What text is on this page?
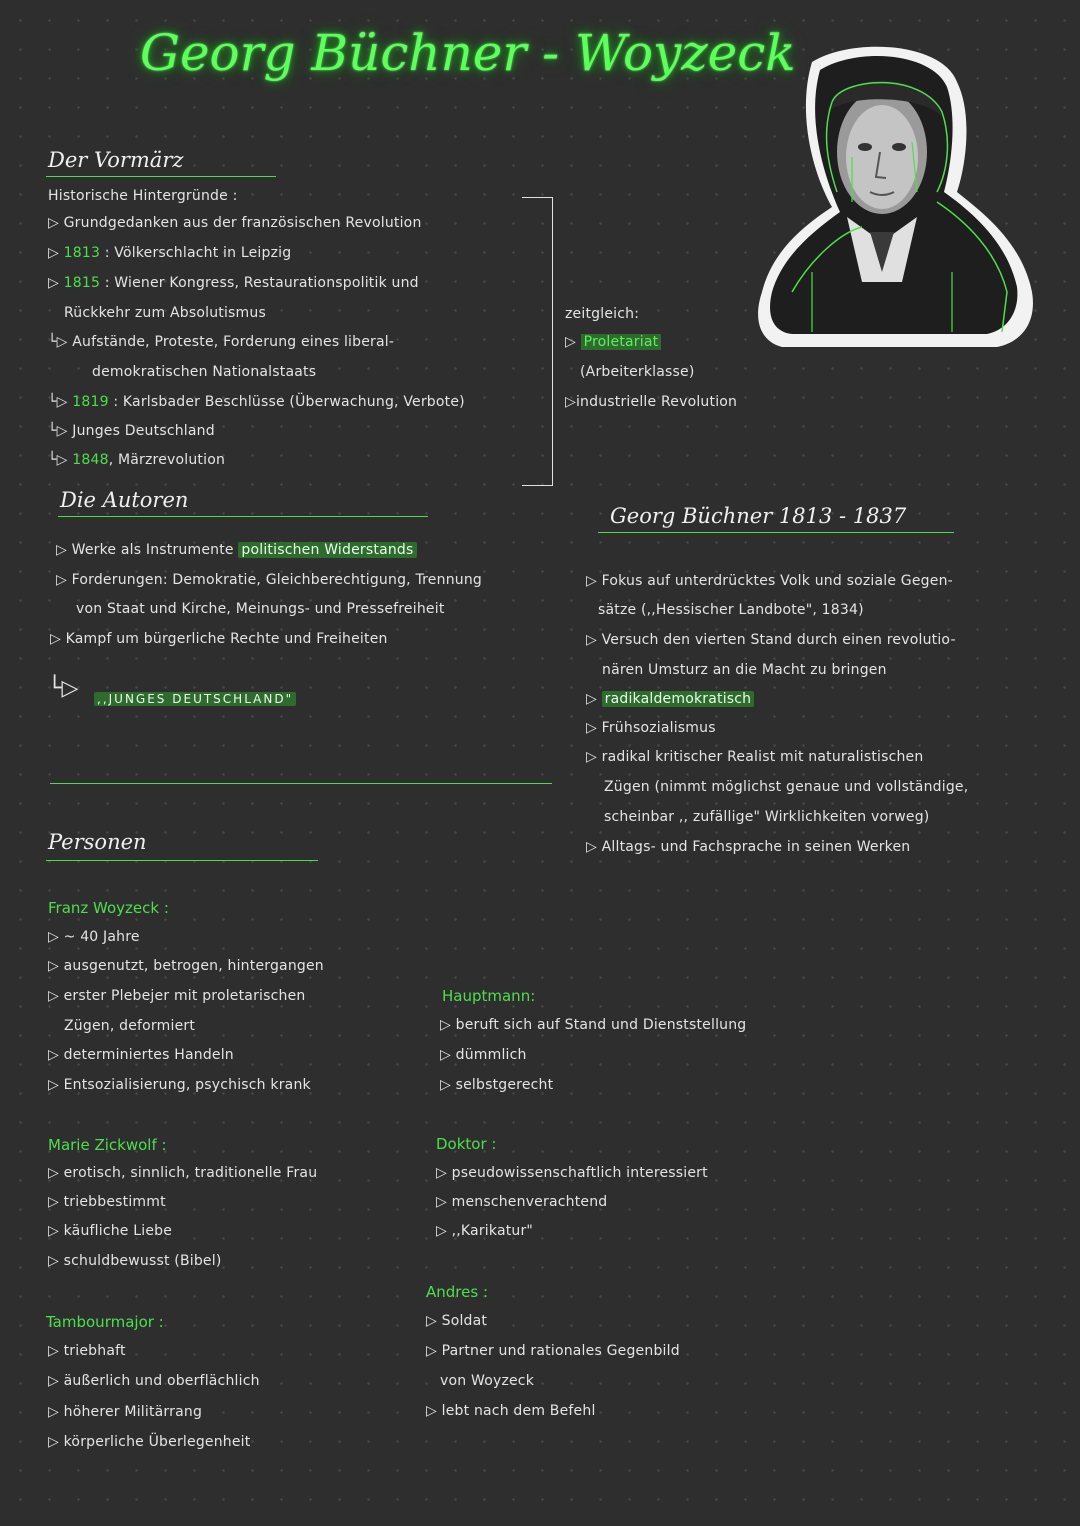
Georg Büchner - Woyzeck
Der Vormärz
Historische Hintergründe :
▷ Grundgedanken aus der französischen Revolution
▷ 1813 : Völkerschlacht in Leipzig
▷ 1815 : Wiener Kongress, Restaurationspolitik und
Rückkehr zum Absolutismus
└▷ Aufstände, Proteste, Forderung eines liberal-
demokratischen Nationalstaats
└▷ 1819 : Karlsbader Beschlüsse (Überwachung, Verbote)
└▷ Junges Deutschland
└▷ 1848, Märzrevolution
zeitgleich:
▷ Proletariat
(Arbeiterklasse)
▷industrielle Revolution
Die Autoren
▷ Werke als Instrumente politischen Widerstands
▷ Forderungen: Demokratie, Gleichberechtigung, Trennung
von Staat und Kirche, Meinungs- und Pressefreiheit
▷ Kampf um bürgerliche Rechte und Freiheiten
└▷ ,,JUNGES DEUTSCHLAND"
Georg Büchner 1813 - 1837
▷ Fokus auf unterdrücktes Volk und soziale Gegen-
sätze (,,Hessischer Landbote", 1834)
▷ Versuch den vierten Stand durch einen revolutio-
nären Umsturz an die Macht zu bringen
▷ radikaldemokratisch
▷ Frühsozialismus
▷ radikal kritischer Realist mit naturalistischen
Zügen (nimmt möglichst genaue und vollständige,
scheinbar ,, zufällige" Wirklichkeiten vorweg)
▷ Alltags- und Fachsprache in seinen Werken
Personen
Franz Woyzeck :
▷ ~ 40 Jahre
▷ ausgenutzt, betrogen, hintergangen
▷ erster Plebejer mit proletarischen
Zügen, deformiert
▷ determiniertes Handeln
▷ Entsozialisierung, psychisch krank
Hauptmann:
▷ beruft sich auf Stand und Dienststellung
▷ dümmlich
▷ selbstgerecht
Marie Zickwolf :
▷ erotisch, sinnlich, traditionelle Frau
▷ triebbestimmt
▷ käufliche Liebe
▷ schuldbewusst (Bibel)
Doktor :
▷ pseudowissenschaftlich interessiert
▷ menschenverachtend
▷ ,,Karikatur"
Andres :
▷ Soldat
▷ Partner und rationales Gegenbild
von Woyzeck
▷ lebt nach dem Befehl
Tambourmajor :
▷ triebhaft
▷ äußerlich und oberflächlich
▷ höherer Militärrang
▷ körperliche Überlegenheit
